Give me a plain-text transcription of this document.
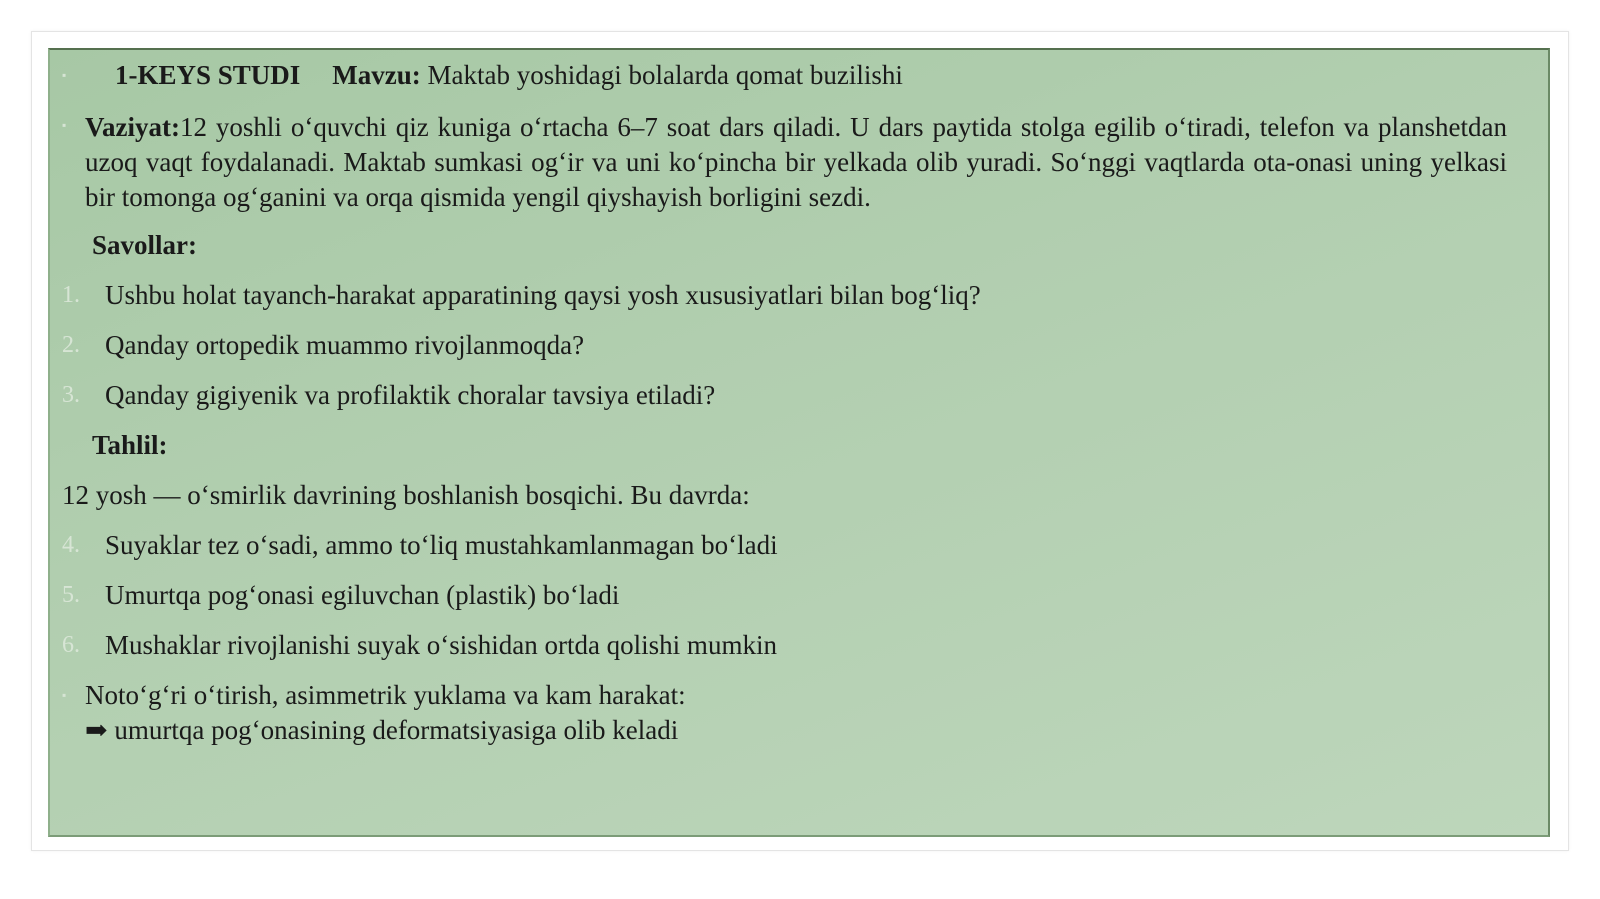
▪ 1-KEYS STUDI Mavzu: Maktab yoshidagi bolalarda qomat buzilishi
▪ Vaziyat:12 yoshli o‘quvchi qiz kuniga o‘rtacha 6–7 soat dars qiladi. U dars paytida stolga egilib o‘tiradi, telefon va planshetdan uzoq vaqt foydalanadi. Maktab sumkasi og‘ir va uni ko‘pincha bir yelkada olib yuradi. So‘nggi vaqtlarda ota-onasi uning yelkasi bir tomonga og‘ganini va orqa qismida yengil qiyshayish borligini sezdi.
Savollar:
1. Ushbu holat tayanch-harakat apparatining qaysi yosh xususiyatlari bilan bog‘liq?
2. Qanday ortopedik muammo rivojlanmoqda?
3. Qanday gigiyenik va profilaktik choralar tavsiya etiladi?
Tahlil:
12 yosh — o‘smirlik davrining boshlanish bosqichi. Bu davrda:
4. Suyaklar tez o‘sadi, ammo to‘liq mustahkamlanmagan bo‘ladi
5. Umurtqa pog‘onasi egiluvchan (plastik) bo‘ladi
6. Mushaklar rivojlanishi suyak o‘sishidan ortda qolishi mumkin
▪ Noto‘g‘ri o‘tirish, asimmetrik yuklama va kam harakat:
➡ umurtqa pog‘onasining deformatsiyasiga olib keladi
